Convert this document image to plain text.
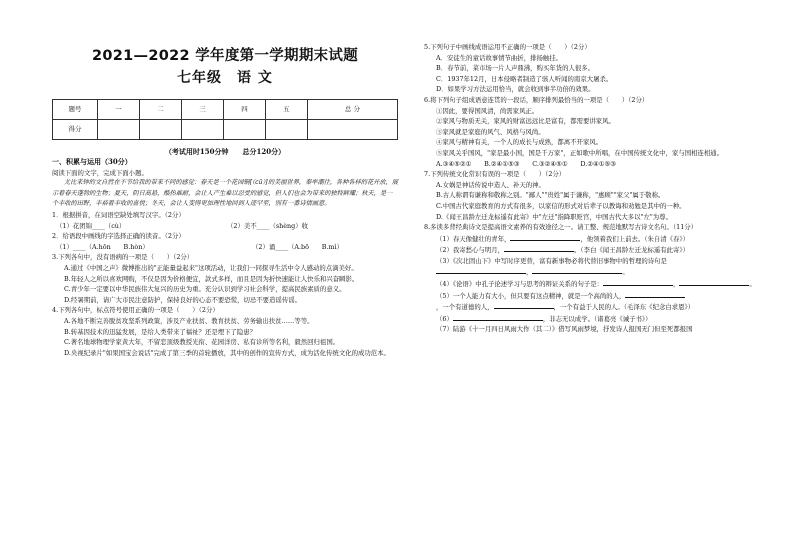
2021—2022 学年度第一学期期末试题
七年级　语 文
题号	一	二	三	四	五	总 分
得分						
（考试用时150分钟　　总分120分）

一、积累与运用（30分）

阅读下面的文字，完成下面小题。

尤比来钟的文自然在不节给我的带来不同的感觉：春天是一个花园铜[（cū）]的美丽世界，秦率潮往，各种各样的花开放，展示着春天蓬勃的生物；夏天，阴日高悬，酷热难耐，会让人产生难以忍受的感觉，但人们也会为带来的独特鲜耀；秋天，是一个丰收的田野，丰裕着丰收的喜悦；冬天，会让人变得更加理性地回到人迹罕至，别有一番诗情画意。

1．根据拼音，在词语空缺处填写汉字。（2分）

（1）花团锦____（cù）	（2）美不____（shèng）收

2．给语段中画线的字选择正确的读音。（2分）

（1）____（A.hōn　　B.hòn）	（2）诵____（A.bō　　B.mì）

3.下列各句中，没有语病的一项是（　　）（2分）

A.通过《中国之声》微博推出的"正能量益起来"这项活动，让我们一同探寻生活中令人感动的点滴美好。

B.年轻人之所以喜欢网购，不仅是因为价格便宜，款式多样，而且是因为折快速能让人快乐和兴奋瞬影。

C.青少年一定要以中华民族伟大复兴的历史为重。充分认识到学习社会科学，提高民族素质的意义。

D.经暑期前，请广大市民注意防护，保持良好的心态不要恐慌，切忌不要造谣传谣。

4.下列各句中，标点符号使用正确的一项是（　　）（2分）

A.各地不断完善脱贫攻坚系列政策，涉及产业扶贫、教育扶贫、劳务输出扶贫……等等。

B.转基因技术的迅猛发展，是给人类带来了福祉？还是埋下了隐患？

C.著名地球物理学家黄大年，不留恋顶级教授光衔、花园洋房、私有诊所等名利，毅然回归祖国。

D.央视纪录片"如果国宝会说话"完成了第三季的首轮播放，其中的创作的宣传方式，成为活化传统文化的成功范本。

5.下列句子中画线成语运用不正确的一项是（　　）（2分）

A．安徒生的童话故事情节曲折，排扬触挂。

B．春节前，菜市场一片人声鼎沸，购买年货的人很多。

C．1937年12月，日本侵略者制造了骇人听闻的南京大屠杀。

D．如果学习方法运用恰当，就会收到事半功倍的效果。

6.将下列句子组成语意连贯的一段话，顺序排列最恰当的一项是（　　）（2分）

①因此，要得国风清，尚需家风正。

②家风与物质无关，家风的财富远远比是富有，都需要讲家风。

③家风就是家庭的风气、风格与风尚。

④家风与精神有关，一个人的成长与成熟，都离不开家风。

⑤家风关乎国风，"家是最小国，国是千万家"，正如歌中所唱，在中国传统文化中，家与国相连相通。

A.③④⑤②①　　B.②④①⑤③　　C.③②④⑤①　　D.②④①⑤③

7.下列传统文化常识有误的一项是（　　）（2分）

A.女娲是神话传说中造人、补天的神。

B.古人称谓有谦称和敬称之别。"鄙人""贵姓"属于谦称，"惠顾""家父"属于敬称。

C.中国古代家庭教育的方式有很多，以家信的形式对后辈子以教诲和劝勉是其中的一种。

D.《闻王昌龄左迁龙标遥有此寄》中"左迁"指降职贬官，中国古代大多以"左"为尊。

8.多读多背经典诗文是提高语文素养的有效途径之一。请工整、规范地默写古诗文名句。（11分）

（1）春天像健壮的青年，	，他领着我们上前去。（朱自清《春》）

（2）我寄愁心与明月，	。（李白《闻王昌龄左迁龙标遥有此寄》）

（3）《次北固山下》中写时序更替，富有新事物必将代替旧事物中的哲理的诗句是

，	。

（4）《论语》中孔子论述学习与思考的辩证关系的句子是：	，	。

（5）一个人能力有大小，但只要有这点精神，就是一个高尚的人，

，一个有道德的人，	，一个有益于人民的人。（毛泽东《纪念白求恩》）

（6）	，非志无以成学。（诸葛亮《诫子书》）

（7）陆游《十一月四日风雨大作（其二）》借写风雨梦境，抒发诗人报国无门但至死都报国
